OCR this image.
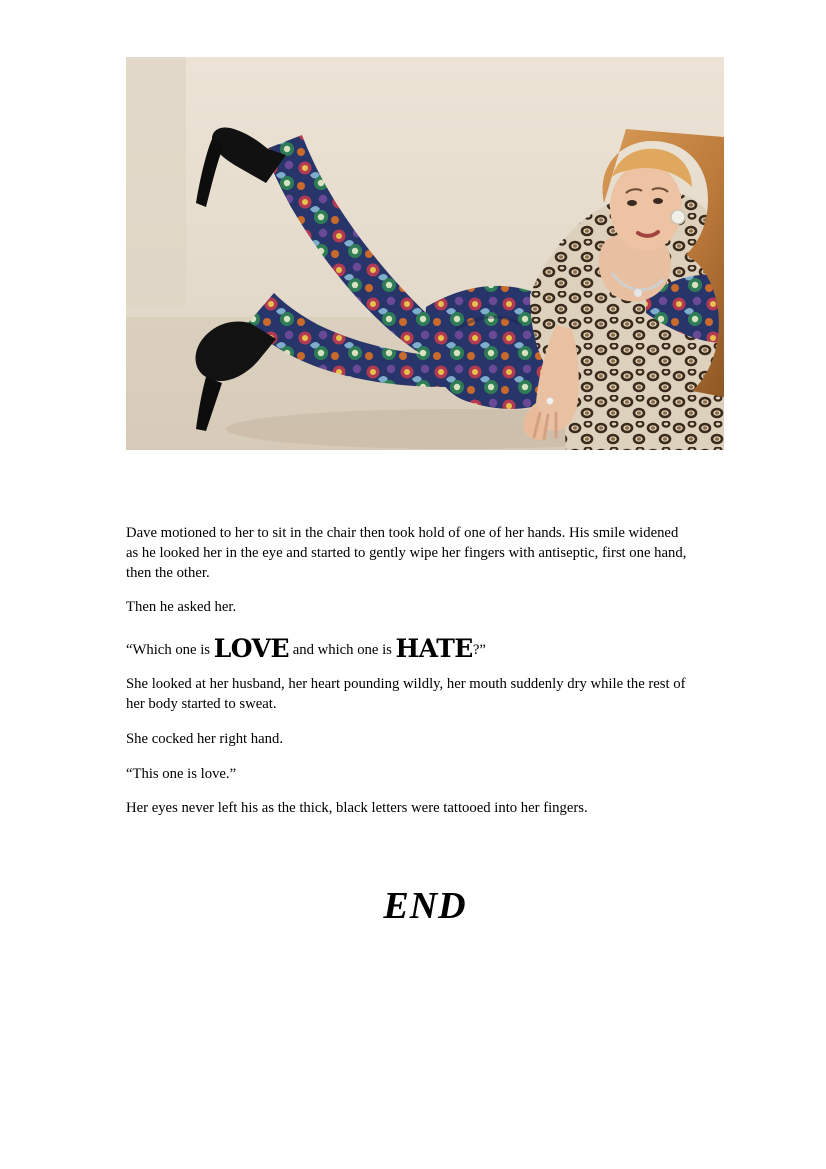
Dave motioned to her to sit in the chair then took hold of one of her hands. His smile widened as he looked her in the eye and started to gently wipe her fingers with antiseptic, first one hand, then the other.

Then he asked her.

“Which one is LOVE and which one is HATE?”

She looked at her husband, her heart pounding wildly, her mouth suddenly dry while the rest of her body started to sweat.

She cocked her right hand.

“This one is love.”

Her eyes never left his as the thick, black letters were tattooed into her fingers.

END
